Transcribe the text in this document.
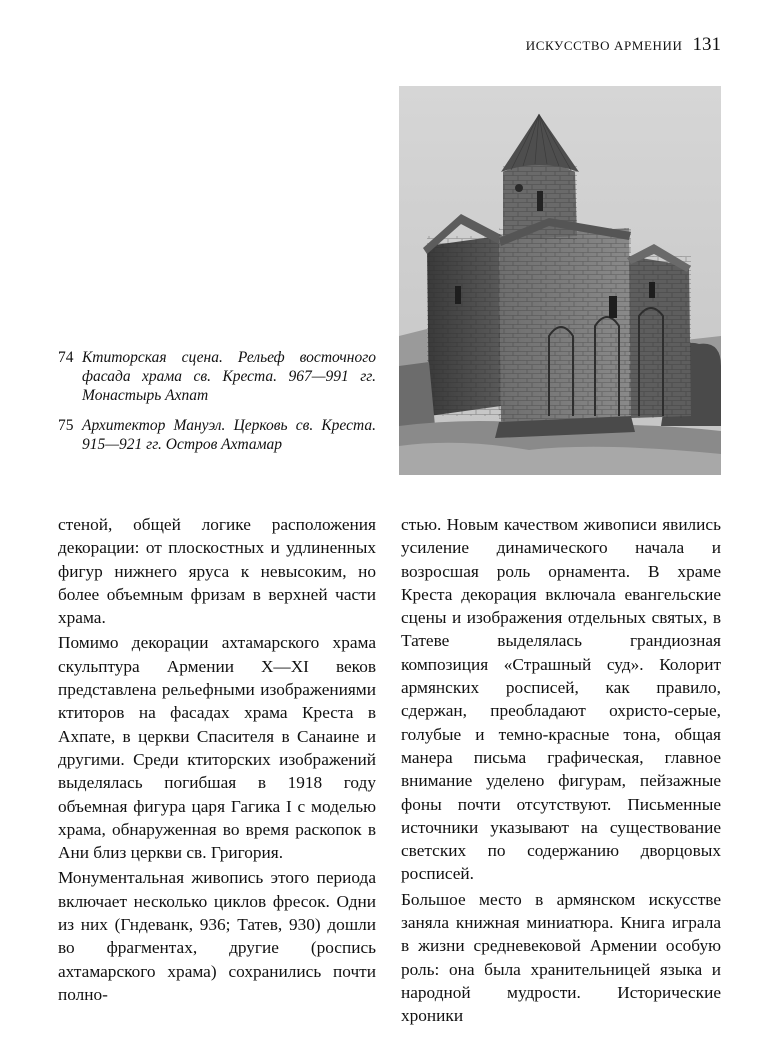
ИСКУССТВО АРМЕНИИ 131
74 Ктиторская сцена. Рельеф восточного фасада храма св. Креста. 967—991 гг. Монастырь Ахпат
75 Архитектор Мануэл. Церковь св. Креста. 915—921 гг. Остров Ахтамар

стеной, общей логике расположения декорации: от плоскостных и удлиненных фигур нижнего яруса к невысоким, но более объемным фризам в верхней части храма.

Помимо декорации ахтамарского храма скульптура Армении X—XI веков представлена рельефными изображениями ктиторов на фасадах храма Креста в Ахпате, в церкви Спасителя в Санаине и другими. Среди ктиторских изображений выделялась погибшая в 1918 году объемная фигура царя Гагика I с моделью храма, обнаруженная во время раскопок в Ани близ церкви св. Григория.

Монументальная живопись этого периода включает несколько циклов фресок. Одни из них (Гндеванк, 936; Татев, 930) дошли во фрагментах, другие (роспись ахтамарского храма) сохранились почти полно-

стью. Новым качеством живописи явились усиление динамического начала и возросшая роль орнамента. В храме Креста декорация включала евангельские сцены и изображения отдельных святых, в Татеве выделялась грандиозная композиция «Страшный суд». Колорит армянских росписей, как правило, сдержан, преобладают охристо-серые, голубые и темно-красные тона, общая манера письма графическая, главное внимание уделено фигурам, пейзажные фоны почти отсутствуют. Письменные источники указывают на существование светских по содержанию дворцовых росписей.

Большое место в армянском искусстве заняла книжная миниатюра. Книга играла в жизни средневековой Армении особую роль: она была хранительницей языка и народной мудрости. Исторические хроники
